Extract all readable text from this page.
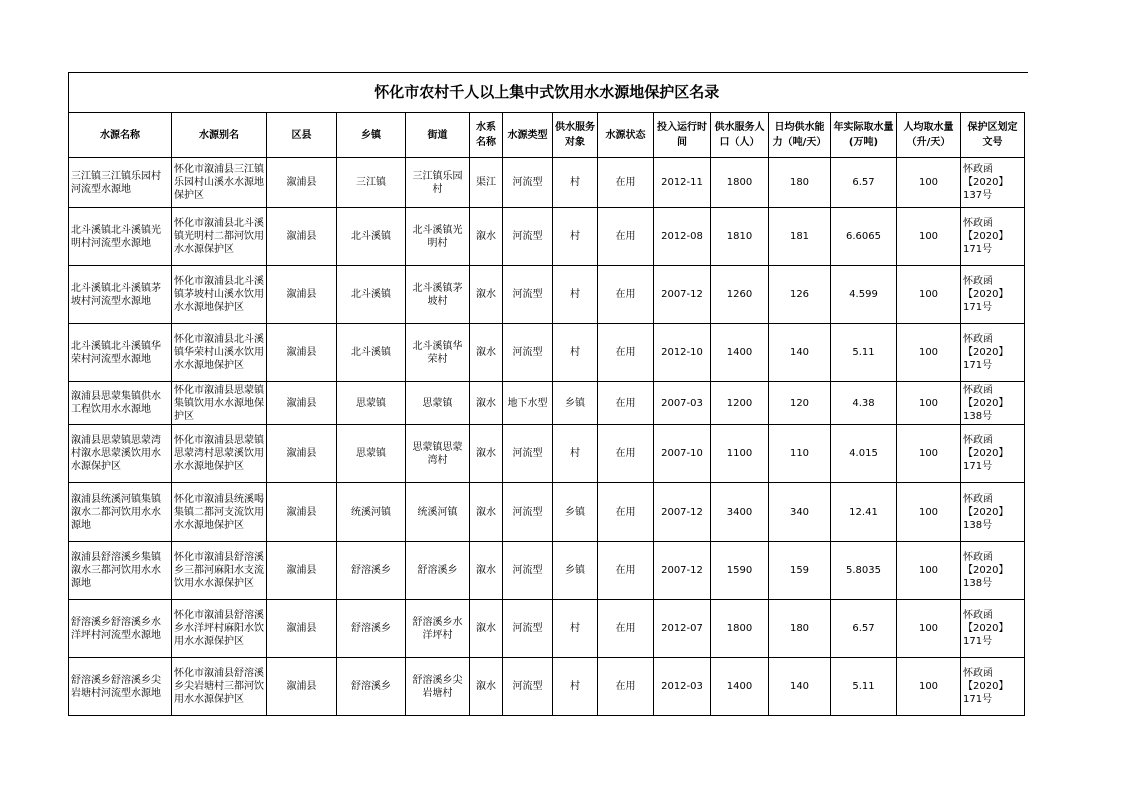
怀化市农村千人以上集中式饮用水水源地保护区名录														
水源名称	水源别名	区县	乡镇	街道	水系名称	水源类型	供水服务对象	水源状态	投入运行时间	供水服务人口（人）	日均供水能力（吨/天）	年实际取水量(万吨)	人均取水量（升/天）	保护区划定文号
三江镇三江镇乐园村河流型水源地	怀化市溆浦县三江镇乐园村山溪水水源地保护区	溆浦县	三江镇	三江镇乐园村	渠江	河流型	村	在用	2012-11	1800	180	6.57	100	怀政函【2020】137号
北斗溪镇北斗溪镇光明村河流型水源地	怀化市溆浦县北斗溪镇光明村二都河饮用水水源保护区	溆浦县	北斗溪镇	北斗溪镇光明村	溆水	河流型	村	在用	2012-08	1810	181	6.6065	100	怀政函【2020】171号
北斗溪镇北斗溪镇茅坡村河流型水源地	怀化市溆浦县北斗溪镇茅坡村山溪水饮用水水源地保护区	溆浦县	北斗溪镇	北斗溪镇茅坡村	溆水	河流型	村	在用	2007-12	1260	126	4.599	100	怀政函【2020】171号
北斗溪镇北斗溪镇华荣村河流型水源地	怀化市溆浦县北斗溪镇华荣村山溪水饮用水水源地保护区	溆浦县	北斗溪镇	北斗溪镇华荣村	溆水	河流型	村	在用	2012-10	1400	140	5.11	100	怀政函【2020】171号
溆浦县思蒙集镇供水工程饮用水水源地	怀化市溆浦县思蒙镇集镇饮用水水源地保护区	溆浦县	思蒙镇	思蒙镇	溆水	地下水型	乡镇	在用	2007-03	1200	120	4.38	100	怀政函【2020】138号
溆浦县思蒙镇思蒙湾村溆水思蒙溪饮用水水源保护区	怀化市溆浦县思蒙镇思蒙湾村思蒙溪饮用水水源地保护区	溆浦县	思蒙镇	思蒙镇思蒙湾村	溆水	河流型	村	在用	2007-10	1100	110	4.015	100	怀政函【2020】171号
溆浦县统溪河镇集镇溆水二都河饮用水水源地	怀化市溆浦县统溪喝集镇二都河支流饮用水水源地保护区	溆浦县	统溪河镇	统溪河镇	溆水	河流型	乡镇	在用	2007-12	3400	340	12.41	100	怀政函【2020】138号
溆浦县舒溶溪乡集镇溆水三都河饮用水水源地	怀化市溆浦县舒溶溪乡三都河麻阳水支流饮用水水源保护区	溆浦县	舒溶溪乡	舒溶溪乡	溆水	河流型	乡镇	在用	2007-12	1590	159	5.8035	100	怀政函【2020】138号
舒溶溪乡舒溶溪乡水洋坪村河流型水源地	怀化市溆浦县舒溶溪乡水洋坪村麻阳水饮用水水源保护区	溆浦县	舒溶溪乡	舒溶溪乡水洋坪村	溆水	河流型	村	在用	2012-07	1800	180	6.57	100	怀政函【2020】171号
舒溶溪乡舒溶溪乡尖岩塘村河流型水源地	怀化市溆浦县舒溶溪乡尖岩塘村三都河饮用水水源保护区	溆浦县	舒溶溪乡	舒溶溪乡尖岩塘村	溆水	河流型	村	在用	2012-03	1400	140	5.11	100	怀政函【2020】171号
